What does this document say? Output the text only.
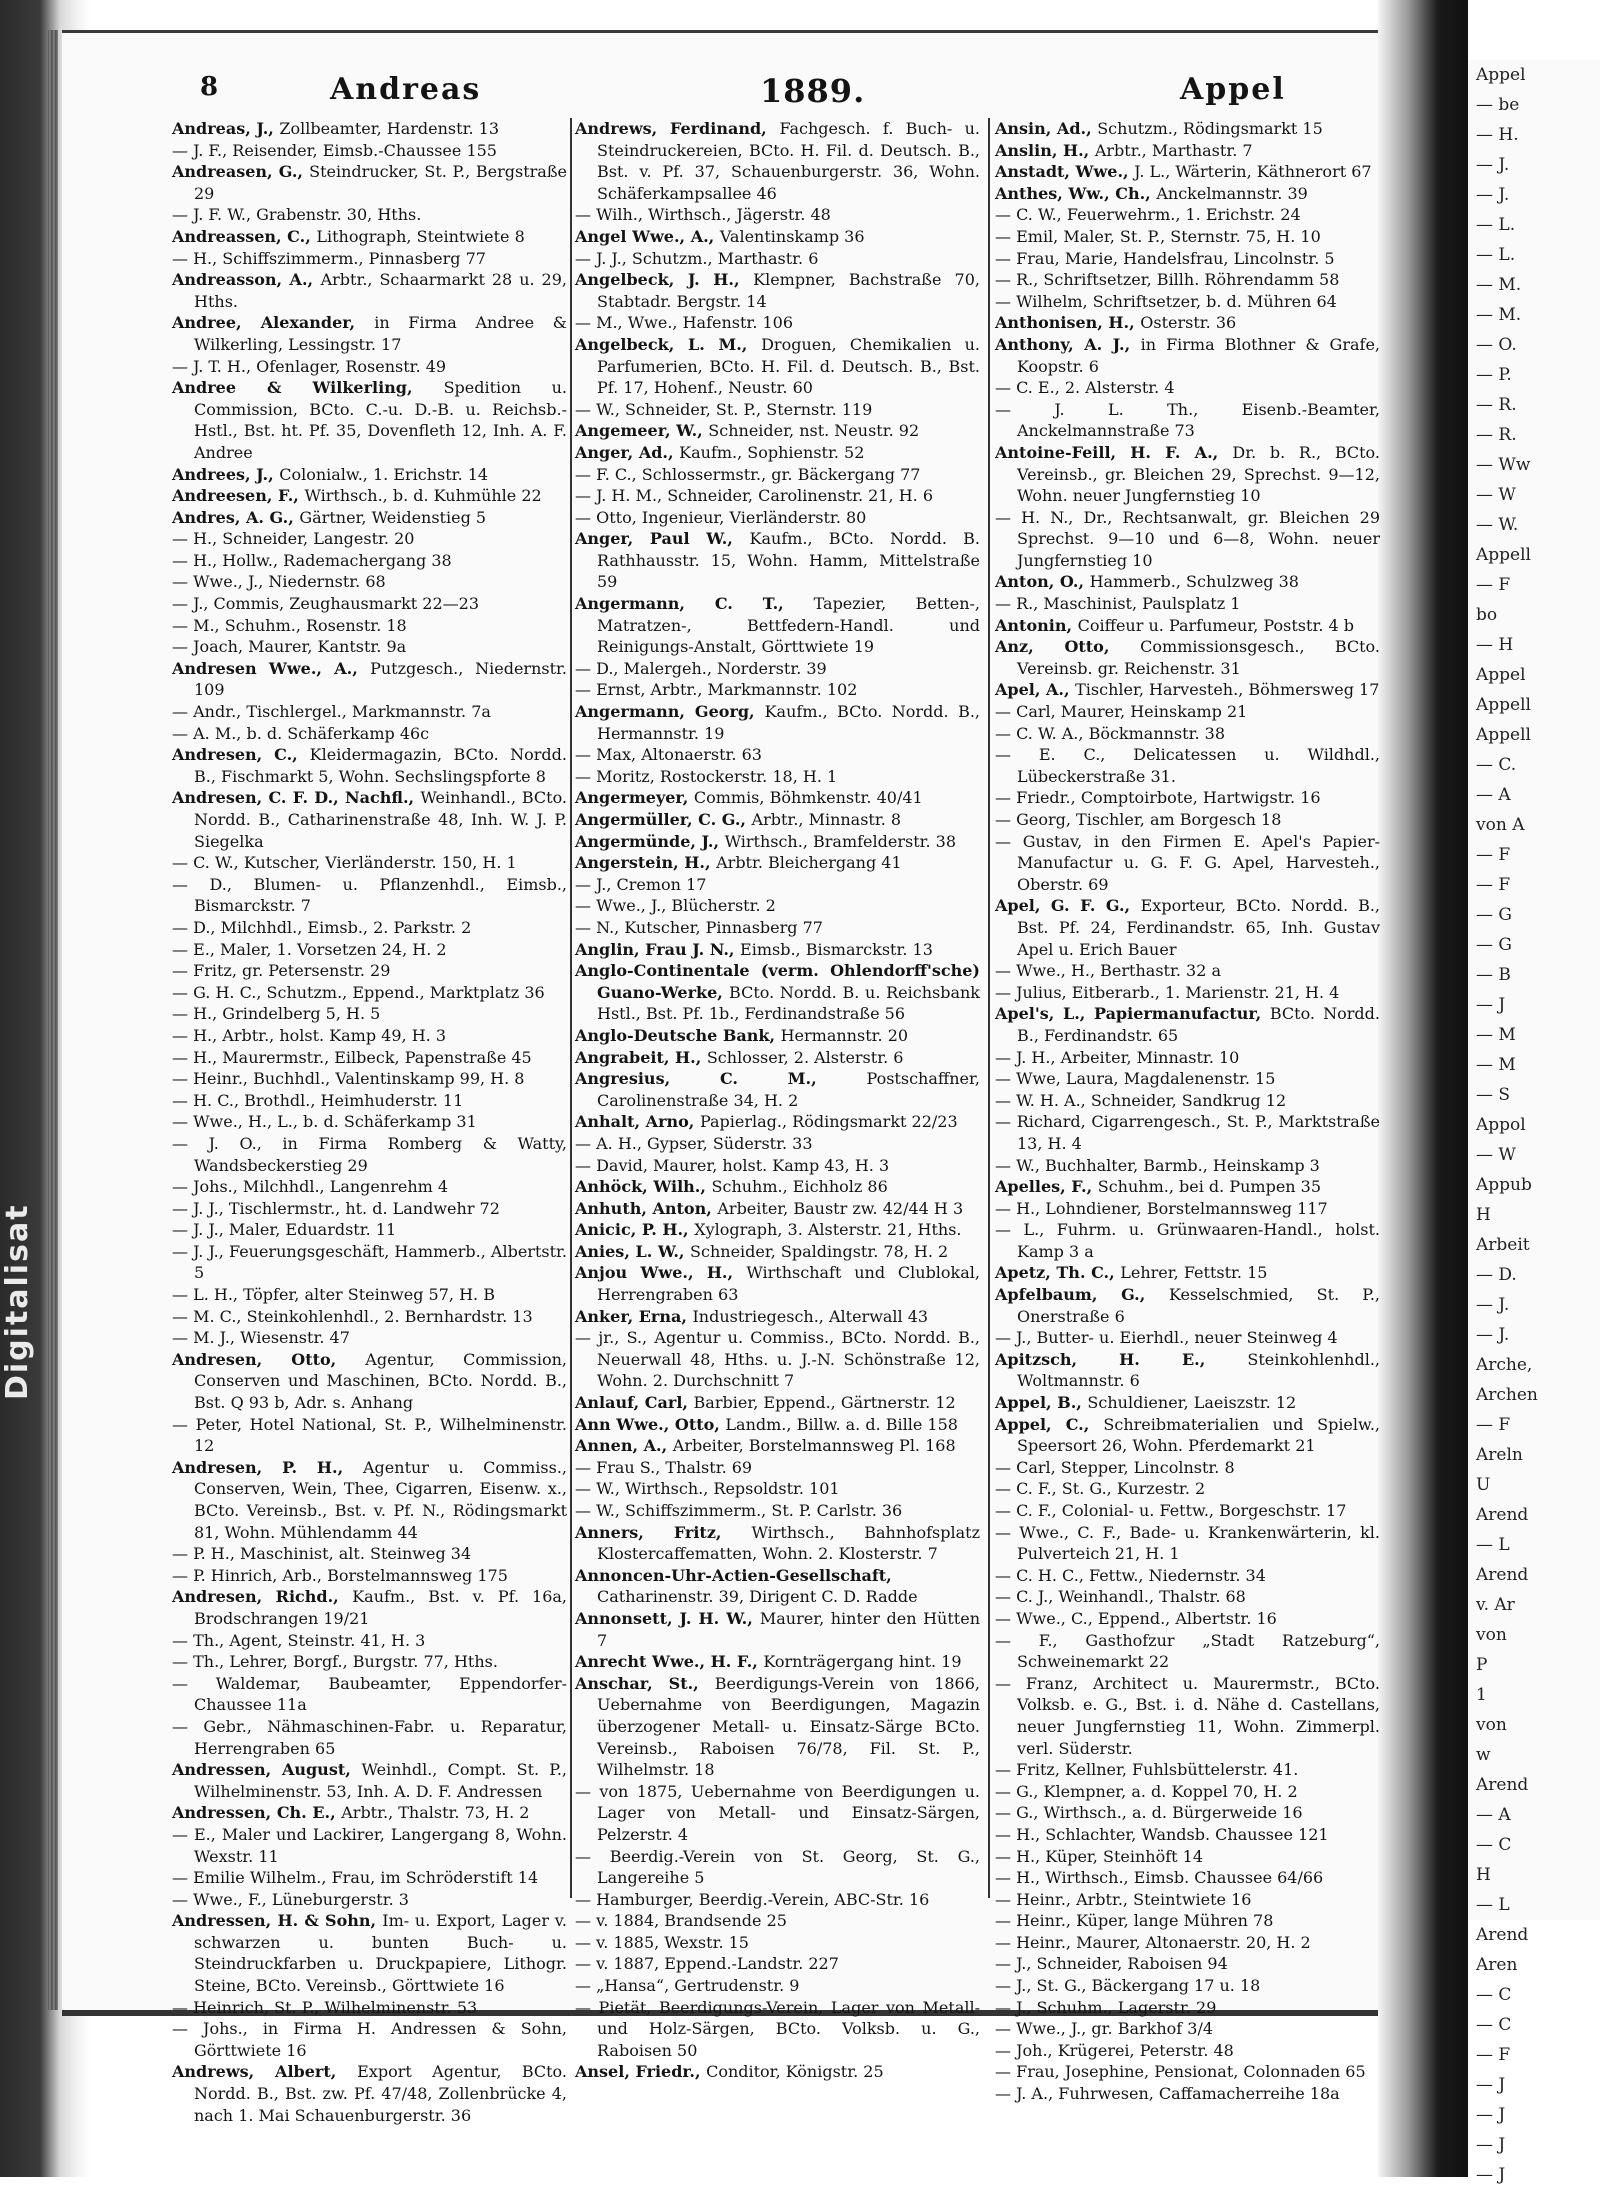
Appel
— be
— H.
— J.
— J.
— L.
— L.
— M.
— M.
— O.
— P.
— R.
— R.
— Ww
— W
— W.
Appell
— F
bo
— H
Appel
Appell
Appell
— C.
— A
von A
— F
— F
— G
— G
— B
— J
— M
— M
— S
Appol
— W
Appub
H
Arbeit
— D.
— J.
— J.
Arche,
Archen
— F
Areln
U
Arend
— L
Arend
v. Ar
von
P
1
von
w
Arend
— A
— C
H
— L
Arend
Aren
— C
— C
— F
— J
— J
— J
— J
Digitalisat
8	Andreas	1889.	Appel

Andreas, J., Zollbeamter, Hardenstr. 13

— J. F., Reisender, Eimsb.-Chaussee 155

Andreasen, G., Steindrucker, St. P., Bergstraße 29

— J. F. W., Grabenstr. 30, Hths.

Andreassen, C., Lithograph, Steintwiete 8

— H., Schiffszimmerm., Pinnasberg 77

Andreasson, A., Arbtr., Schaarmarkt 28 u. 29, Hths.

Andree, Alexander, in Firma Andree & Wilkerling, Lessingstr. 17

— J. T. H., Ofenlager, Rosenstr. 49

Andree & Wilkerling, Spedition u. Commission, BCto. C.-u. D.-B. u. Reichsb.-Hstl., Bst. ht. Pf. 35, Dovenfleth 12, Inh. A. F. Andree

Andrees, J., Colonialw., 1. Erichstr. 14

Andreesen, F., Wirthsch., b. d. Kuhmühle 22

Andres, A. G., Gärtner, Weidenstieg 5

— H., Schneider, Langestr. 20

— H., Hollw., Rademachergang 38

— Wwe., J., Niedernstr. 68

— J., Commis, Zeughausmarkt 22—23

— M., Schuhm., Rosenstr. 18

— Joach, Maurer, Kantstr. 9a

Andresen Wwe., A., Putzgesch., Niedernstr. 109

— Andr., Tischlergel., Markmannstr. 7a

— A. M., b. d. Schäferkamp 46c

Andresen, C., Kleidermagazin, BCto. Nordd. B., Fischmarkt 5, Wohn. Sechslingspforte 8

Andresen, C. F. D., Nachfl., Weinhandl., BCto. Nordd. B., Catharinenstraße 48, Inh. W. J. P. Siegelka

— C. W., Kutscher, Vierländerstr. 150, H. 1

— D., Blumen- u. Pflanzenhdl., Eimsb., Bismarckstr. 7

— D., Milchhdl., Eimsb., 2. Parkstr. 2

— E., Maler, 1. Vorsetzen 24, H. 2

— Fritz, gr. Petersenstr. 29

— G. H. C., Schutzm., Eppend., Marktplatz 36

— H., Grindelberg 5, H. 5

— H., Arbtr., holst. Kamp 49, H. 3

— H., Maurermstr., Eilbeck, Papenstraße 45

— Heinr., Buchhdl., Valentinskamp 99, H. 8

— H. C., Brothdl., Heimhuderstr. 11

— Wwe., H., L., b. d. Schäferkamp 31

— J. O., in Firma Romberg & Watty, Wandsbeckerstieg 29

— Johs., Milchhdl., Langenrehm 4

— J. J., Tischlermstr., ht. d. Landwehr 72

— J. J., Maler, Eduardstr. 11

— J. J., Feuerungsgeschäft, Hammerb., Albertstr. 5

— L. H., Töpfer, alter Steinweg 57, H. B

— M. C., Steinkohlenhdl., 2. Bernhardstr. 13

— M. J., Wiesenstr. 47

Andresen, Otto, Agentur, Commission, Conserven und Maschinen, BCto. Nordd. B., Bst. Q 93 b, Adr. s. Anhang

— Peter, Hotel National, St. P., Wilhelminenstr. 12

Andresen, P. H., Agentur u. Commiss., Conserven, Wein, Thee, Cigarren, Eisenw. x., BCto. Vereinsb., Bst. v. Pf. N., Rödingsmarkt 81, Wohn. Mühlendamm 44

— P. H., Maschinist, alt. Steinweg 34

— P. Hinrich, Arb., Borstelmannsweg 175

Andresen, Richd., Kaufm., Bst. v. Pf. 16a, Brodschrangen 19/21

— Th., Agent, Steinstr. 41, H. 3

— Th., Lehrer, Borgf., Burgstr. 77, Hths.

— Waldemar, Baubeamter, Eppendorfer-Chaussee 11a

— Gebr., Nähmaschinen-Fabr. u. Reparatur, Herrengraben 65

Andressen, August, Weinhdl., Compt. St. P., Wilhelminenstr. 53, Inh. A. D. F. Andressen

Andressen, Ch. E., Arbtr., Thalstr. 73, H. 2

— E., Maler und Lackirer, Langergang 8, Wohn. Wexstr. 11

— Emilie Wilhelm., Frau, im Schröderstift 14

— Wwe., F., Lüneburgerstr. 3

Andressen, H. & Sohn, Im- u. Export, Lager v. schwarzen u. bunten Buch- u. Steindruckfarben u. Druckpapiere, Lithogr. Steine, BCto. Vereinsb., Görttwiete 16

— Heinrich, St. P., Wilhelminenstr. 53

— Johs., in Firma H. Andressen & Sohn, Görttwiete 16

Andrews, Albert, Export Agentur, BCto. Nordd. B., Bst. zw. Pf. 47/48, Zollenbrücke 4, nach 1. Mai Schauenburgerstr. 36

Andrews, Ferdinand, Fachgesch. f. Buch- u. Steindruckereien, BCto. H. Fil. d. Deutsch. B., Bst. v. Pf. 37, Schauenburgerstr. 36, Wohn. Schäferkampsallee 46

— Wilh., Wirthsch., Jägerstr. 48

Angel Wwe., A., Valentinskamp 36

— J. J., Schutzm., Marthastr. 6

Angelbeck, J. H., Klempner, Bachstraße 70, Stabtadr. Bergstr. 14

— M., Wwe., Hafenstr. 106

Angelbeck, L. M., Droguen, Chemikalien u. Parfumerien, BCto. H. Fil. d. Deutsch. B., Bst. Pf. 17, Hohenf., Neustr. 60

— W., Schneider, St. P., Sternstr. 119

Angemeer, W., Schneider, nst. Neustr. 92

Anger, Ad., Kaufm., Sophienstr. 52

— F. C., Schlossermstr., gr. Bäckergang 77

— J. H. M., Schneider, Carolinenstr. 21, H. 6

— Otto, Ingenieur, Vierländerstr. 80

Anger, Paul W., Kaufm., BCto. Nordd. B. Rathhausstr. 15, Wohn. Hamm, Mittelstraße 59

Angermann, C. T., Tapezier, Betten-, Matratzen-, Bettfedern-Handl. und Reinigungs-Anstalt, Görttwiete 19

— D., Malergeh., Norderstr. 39

— Ernst, Arbtr., Markmannstr. 102

Angermann, Georg, Kaufm., BCto. Nordd. B., Hermannstr. 19

— Max, Altonaerstr. 63

— Moritz, Rostockerstr. 18, H. 1

Angermeyer, Commis, Böhmkenstr. 40/41

Angermüller, C. G., Arbtr., Minnastr. 8

Angermünde, J., Wirthsch., Bramfelderstr. 38

Angerstein, H., Arbtr. Bleichergang 41

— J., Cremon 17

— Wwe., J., Blücherstr. 2

— N., Kutscher, Pinnasberg 77

Anglin, Frau J. N., Eimsb., Bismarckstr. 13

Anglo-Continentale (verm. Ohlendorff'sche) Guano-Werke, BCto. Nordd. B. u. Reichsbank Hstl., Bst. Pf. 1b., Ferdinandstraße 56

Anglo-Deutsche Bank, Hermannstr. 20

Angrabeit, H., Schlosser, 2. Alsterstr. 6

Angresius, C. M., Postschaffner, Carolinenstraße 34, H. 2

Anhalt, Arno, Papierlag., Rödingsmarkt 22/23

— A. H., Gypser, Süderstr. 33

— David, Maurer, holst. Kamp 43, H. 3

Anhöck, Wilh., Schuhm., Eichholz 86

Anhuth, Anton, Arbeiter, Baustr zw. 42/44 H 3

Anicic, P. H., Xylograph, 3. Alsterstr. 21, Hths.

Anies, L. W., Schneider, Spaldingstr. 78, H. 2

Anjou Wwe., H., Wirthschaft und Clublokal, Herrengraben 63

Anker, Erna, Industriegesch., Alterwall 43

— jr., S., Agentur u. Commiss., BCto. Nordd. B., Neuerwall 48, Hths. u. J.-N. Schönstraße 12, Wohn. 2. Durchschnitt 7

Anlauf, Carl, Barbier, Eppend., Gärtnerstr. 12

Ann Wwe., Otto, Landm., Billw. a. d. Bille 158

Annen, A., Arbeiter, Borstelmannsweg Pl. 168

— Frau S., Thalstr. 69

— W., Wirthsch., Repsoldstr. 101

— W., Schiffszimmerm., St. P. Carlstr. 36

Anners, Fritz, Wirthsch., Bahnhofsplatz Klostercaffematten, Wohn. 2. Klosterstr. 7

Annoncen-Uhr-Actien-Gesellschaft, Catharinenstr. 39, Dirigent C. D. Radde

Annonsett, J. H. W., Maurer, hinter den Hütten 7

Anrecht Wwe., H. F., Kornträgergang hint. 19

Anschar, St., Beerdigungs-Verein von 1866, Uebernahme von Beerdigungen, Magazin überzogener Metall- u. Einsatz-Särge BCto. Vereinsb., Raboisen 76/78, Fil. St. P., Wilhelmstr. 18

— von 1875, Uebernahme von Beerdigungen u. Lager von Metall- und Einsatz-Särgen, Pelzerstr. 4

— Beerdig.-Verein von St. Georg, St. G., Langereihe 5

— Hamburger, Beerdig.-Verein, ABC-Str. 16

— v. 1884, Brandsende 25

— v. 1885, Wexstr. 15

— v. 1887, Eppend.-Landstr. 227

— „Hansa“, Gertrudenstr. 9

— Pietät, Beerdigungs-Verein, Lager von Metall- und Holz-Särgen, BCto. Volksb. u. G., Raboisen 50

Ansel, Friedr., Conditor, Königstr. 25

Ansin, Ad., Schutzm., Rödingsmarkt 15

Anslin, H., Arbtr., Marthastr. 7

Anstadt, Wwe., J. L., Wärterin, Käthnerort 67

Anthes, Ww., Ch., Anckelmannstr. 39

— C. W., Feuerwehrm., 1. Erichstr. 24

— Emil, Maler, St. P., Sternstr. 75, H. 10

— Frau, Marie, Handelsfrau, Lincolnstr. 5

— R., Schriftsetzer, Billh. Röhrendamm 58

— Wilhelm, Schriftsetzer, b. d. Mühren 64

Anthonisen, H., Osterstr. 36

Anthony, A. J., in Firma Blothner & Grafe, Koopstr. 6

— C. E., 2. Alsterstr. 4

— J. L. Th., Eisenb.-Beamter, Anckelmannstraße 73

Antoine-Feill, H. F. A., Dr. b. R., BCto. Vereinsb., gr. Bleichen 29, Sprechst. 9—12, Wohn. neuer Jungfernstieg 10

— H. N., Dr., Rechtsanwalt, gr. Bleichen 29 Sprechst. 9—10 und 6—8, Wohn. neuer Jungfernstieg 10

Anton, O., Hammerb., Schulzweg 38

— R., Maschinist, Paulsplatz 1

Antonin, Coiffeur u. Parfumeur, Poststr. 4 b

Anz, Otto, Commissionsgesch., BCto. Vereinsb. gr. Reichenstr. 31

Apel, A., Tischler, Harvesteh., Böhmersweg 17

— Carl, Maurer, Heinskamp 21

— C. W. A., Böckmannstr. 38

— E. C., Delicatessen u. Wildhdl., Lübeckerstraße 31.

— Friedr., Comptoirbote, Hartwigstr. 16

— Georg, Tischler, am Borgesch 18

— Gustav, in den Firmen E. Apel's Papier-Manufactur u. G. F. G. Apel, Harvesteh., Oberstr. 69

Apel, G. F. G., Exporteur, BCto. Nordd. B., Bst. Pf. 24, Ferdinandstr. 65, Inh. Gustav Apel u. Erich Bauer

— Wwe., H., Berthastr. 32 a

— Julius, Eitberarb., 1. Marienstr. 21, H. 4

Apel's, L., Papiermanufactur, BCto. Nordd. B., Ferdinandstr. 65

— J. H., Arbeiter, Minnastr. 10

— Wwe, Laura, Magdalenenstr. 15

— W. H. A., Schneider, Sandkrug 12

— Richard, Cigarrengesch., St. P., Marktstraße 13, H. 4

— W., Buchhalter, Barmb., Heinskamp 3

Apelles, F., Schuhm., bei d. Pumpen 35

— H., Lohndiener, Borstelmannsweg 117

— L., Fuhrm. u. Grünwaaren-Handl., holst. Kamp 3 a

Apetz, Th. C., Lehrer, Fettstr. 15

Apfelbaum, G., Kesselschmied, St. P., Onerstraße 6

— J., Butter- u. Eierhdl., neuer Steinweg 4

Apitzsch, H. E., Steinkohlenhdl., Woltmannstr. 6

Appel, B., Schuldiener, Laeiszstr. 12

Appel, C., Schreibmaterialien und Spielw., Speersort 26, Wohn. Pferdemarkt 21

— Carl, Stepper, Lincolnstr. 8

— C. F., St. G., Kurzestr. 2

— C. F., Colonial- u. Fettw., Borgeschstr. 17

— Wwe., C. F., Bade- u. Krankenwärterin, kl. Pulverteich 21, H. 1

— C. H. C., Fettw., Niedernstr. 34

— C. J., Weinhandl., Thalstr. 68

— Wwe., C., Eppend., Albertstr. 16

— F., Gasthofzur „Stadt Ratzeburg“, Schweinemarkt 22

— Franz, Architect u. Maurermstr., BCto. Volksb. e. G., Bst. i. d. Nähe d. Castellans, neuer Jungfernstieg 11, Wohn. Zimmerpl. verl. Süderstr.

— Fritz, Kellner, Fuhlsbüttelerstr. 41.

— G., Klempner, a. d. Koppel 70, H. 2

— G., Wirthsch., a. d. Bürgerweide 16

— H., Schlachter, Wandsb. Chaussee 121

— H., Küper, Steinhöft 14

— H., Wirthsch., Eimsb. Chaussee 64/66

— Heinr., Arbtr., Steintwiete 16

— Heinr., Küper, lange Mühren 78

— Heinr., Maurer, Altonaerstr. 20, H. 2

— J., Schneider, Raboisen 94

— J., St. G., Bäckergang 17 u. 18

— J., Schuhm., Lagerstr. 29

— Wwe., J., gr. Barkhof 3/4

— Joh., Krügerei, Peterstr. 48

— Frau, Josephine, Pensionat, Colonnaden 65

— J. A., Fuhrwesen, Caffamacherreihe 18a
